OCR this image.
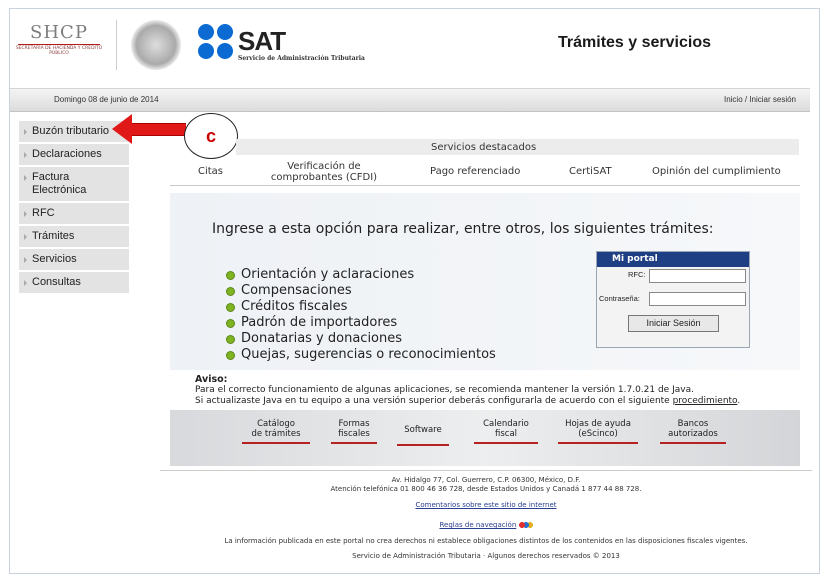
SHCP
SECRETARÍA DE HACIENDA Y CRÉDITO PÚBLICO	SAT
Servicio de Administración Tributaria
Trámites y servicios
Domingo 08 de junio de 2014	Inicio / Iniciar sesión
Buzón tributario
Declaraciones
Factura Electrónica
RFC
Trámites
Servicios
Consultas
c
Servicios destacados
Citas	Verificación de comprobantes (CFDI)
Pago referenciado	CertiSAT	Opinión del cumplimiento
Ingrese a esta opción para realizar, entre otros, los siguientes trámites:
Orientación y aclaraciones
Compensaciones
Créditos fiscales
Padrón de importadores
Donatarias y donaciones
Quejas, sugerencias o reconocimientos
Mi portal
RFC:
Contraseña:
Iniciar Sesión
Aviso:
Para el correcto funcionamiento de algunas aplicaciones, se recomienda mantener la versión 1.7.0.21 de Java.
Si actualizaste Java en tu equipo a una versión superior deberás configurarla de acuerdo con el siguiente procedimiento.
Catálogo
de trámites
Formas
fiscales	Software
Calendario
fiscal
Hojas de ayuda
(eScinco)
Bancos
autorizados
Av. Hidalgo 77, Col. Guerrero, C.P. 06300, México, D.F.
Atención telefónica 01 800 46 36 728, desde Estados Unidos y Canadá 1 877 44 88 728.
Comentarios sobre este sitio de internet
Reglas de navegación
La información publicada en este portal no crea derechos ni establece obligaciones distintos de los contenidos en las disposiciones fiscales vigentes.
Servicio de Administración Tributaria · Algunos derechos reservados © 2013
